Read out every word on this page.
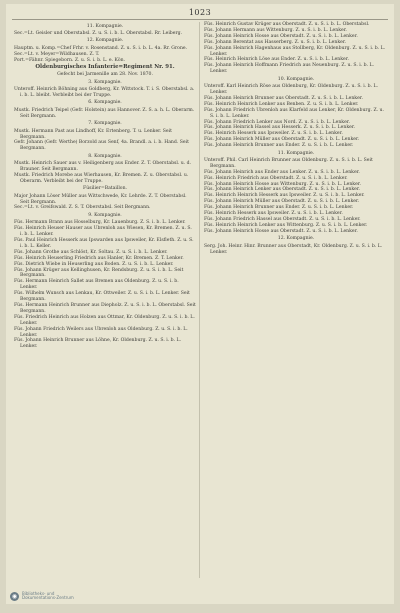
1023
11. Kompagnie.
Sec.=Lt. Geisler und Oberstabsl. Z. u. S. i. b. L. Oberstabsl. Rr. Leiberg.
12. Kompagnie.
Hauptm. u. Komp.=Chef Frhr. v. Rosenstand. Z. u. S. i. b. L. 4a. Rr. Grone.
Sec.=Lt. v. Meyer=Wildhausen. Z. T.
Port.=Fähnr. Spiegeborn. Z. u. S. i. b. L. e. Kön.
Oldenburgisches Infanterie=Regiment Nr. 91.
Gefecht bei Jarmenille am 28. Nov. 1870.
3. Kompagnie.
Unteroff. Heinrich Böhning aus Goldberg, Kr. Wittstock. T. i. S. Oberstabsl. a. i. b. L. bleibt. Verbleibt bei der Truppe.
6. Kompagnie.
Mustk. Friedrich Teipel (Gefr. Holstein) aus Hannover. Z. S. a. h. L. Oberarm. Seit Bergmann.
7. Kompagnie.
Mustk. Hermann Past aus Lindhoff, Kr. Ertenberg. T. u. Lenker. Seit Bergmann.
Gefr. Johann (Gefr. Werthe) Borzold aus Senf, 4a. Brandl. a. i. b. Hand. Seit Bergmann.
8. Kompagnie.
Mustk. Heinrich Sauer aus v. Heiligenberg aus Ender. Z. T. Oberstabsl. u. d. Brauner. Seit Bergmann.
Mustk. Friedrich Morebe aus Wierhausen, Kr. Bremen. Z. u. Oberstabsl. u. Oberarm. Verbleibt bei der Truppe.
Füsilier=Bataillon.
Major Johann Löser Müller aus Wittschwede, Kr. Lehrde. Z. T. Oberstabsl. Seit Bergmann.
Sec.=Lt. v. Greifswald. Z. S. T. Oberstabsl. Seit Bergmann.
9. Kompagnie.
Füs. Hermann Brann aus Hosselburg, Kr. Lauenburg. Z. S. i. b. L. Lenker.
Füs. Heinrich Heuser Hauser aus Ubrenloh aus Wiesen, Kr. Bremen. Z. u. S. i. b. L. Lenker.
Füs. Paul Heinrich Hesserk aus Ipswarden aus Ipsweiler, Kr. Elsfleth. Z. u. S. i. b. L. Keller.
Füs. Johann Grothe aus Schlöst, Kr. Soltau. Z. u. S. i. b. L. Lenker.
Füs. Heinrich Heuserling Friedrich aus Hanler, Kr. Bremen. Z. T. Lenker.
Füs. Dietrich Wiebe in Heuserling aus Boden. Z. u. S. i. b. L. Lenker.
Füs. Johann Krüger aus Kellinghusen, Kr. Rendsburg. Z. u. S. i. b. L. Seit Bergmann.
Füs. Hermann Heinrich Sallet aus Bremen aus Oldenburg. Z. u. S. i. b. Lenker.
Füs. Wilhelm Wunsch aus Lenkau, Kr. Ottweiler. Z. u. S. i. b. L. Lenker. Seit Bergmann.
Füs. Hermann Heinrich Brunner aus Diepholz. Z. u. S. i. b. L. Oberstabsl. Seit Bergmann.
Füs. Friedrich Heinrich aus Holzen aus Ottmar, Kr. Oldenburg. Z. u. S. i. b. L. Lenker.
Füs. Johann Friedrich Weilers aus Ubrenloh aus Oldenburg. Z. u. S. i. b. L. Lenker.
Füs. Johann Heinrich Brunner aus Löhne, Kr. Oldenburg. Z. u. S. i. b. L. Lenker.
Füs. Heinrich Gustav Krüger aus Oberstadt. Z. u. S. i. b. L. Oberstabsl.
Füs. Johann Hermann aus Wittenburg. Z. u. S. i. b. L. Lenker.
Füs. Johann Heinrich Hosse aus Oberstadt. Z. u. S. i. b. L. Lenker.
Füs. Johann Berentat aus Hasserberg. Z. u. S. i. b. L. Lenker.
Füs. Johann Heinrich Hagenhaus aus Stollberg, Kr. Oldenburg. Z. u. S. i. b. L. Lenker.
Füs. Heinrich Heinrich Löse aus Ender. Z. u. S. i. b. L. Lenker.
Füs. Johann Heinrich Hoffmann Friedrich aus Neuenburg. Z. u. S. i. b. L. Lenker.
10. Kompagnie.
Unteroff. Karl Heinrich Röse aus Oldenburg, Kr. Oldenburg. Z. u. S. i. b. L. Lenker.
Füs. Johann Heinrich Brunner aus Oberstadt. Z. u. S. i. b. L. Lenker.
Füs. Heinrich Heinrich Lenker aus Benben. Z. u. S. i. b. L. Lenker.
Füs. Johann Friedrich Ubrenloh aus Klarfeld aus Lenker, Kr. Oldenburg. Z. u. S. i. b. L. Lenker.
Füs. Johann Friedrich Lenker aus Nord. Z. u. S. i. b. L. Lenker.
Füs. Johann Heinrich Hassel aus Hesserk. Z. u. S. i. b. L. Lenker.
Füs. Heinrich Hesserk aus Ipsweiler. Z. u. S. i. b. L. Lenker.
Füs. Johann Heinrich Müller aus Oberstadt. Z. u. S. i. b. L. Lenker.
Füs. Johann Heinrich Brunner aus Ender. Z. u. S. i. b. L. Lenker.
11. Kompagnie.
Unteroff. Phil. Carl Heinrich Brunner aus Oldenburg. Z. u. S. i. b. L. Seit Bergmann.
Füs. Johann Heinrich aus Ender aus Lenker. Z. u. S. i. b. L. Lenker.
Füs. Heinrich Friedrich aus Oberstadt. Z. u. S. i. b. L. Lenker.
Füs. Johann Heinrich Hosse aus Wittenburg. Z. u. S. i. b. L. Lenker.
Füs. Johann Heinrich Lenker aus Oberstadt. Z. u. S. i. b. L. Lenker.
Füs. Heinrich Heinrich Hesserk aus Ipsweiler. Z. u. S. i. b. L. Lenker.
Füs. Johann Heinrich Müller aus Oberstadt. Z. u. S. i. b. L. Lenker.
Füs. Johann Heinrich Brunner aus Ender. Z. u. S. i. b. L. Lenker.
Füs. Heinrich Hesserk aus Ipsweiler. Z. u. S. i. b. L. Lenker.
Füs. Johann Friedrich Hassel aus Oberstadt. Z. u. S. i. b. L. Lenker.
Füs. Heinrich Heinrich Lenker aus Wittenburg. Z. u. S. i. b. L. Lenker.
Füs. Johann Heinrich Hosse aus Oberstadt. Z. u. S. i. b. L. Lenker.
12. Kompagnie.
Serg. Joh. Heinr. Hinr. Brunner aus Oberstadt, Kr. Oldenburg. Z. u. S. i. b. L. Lenker.
◉	Bibliotheks- und
Dokumentations-Zentrum
